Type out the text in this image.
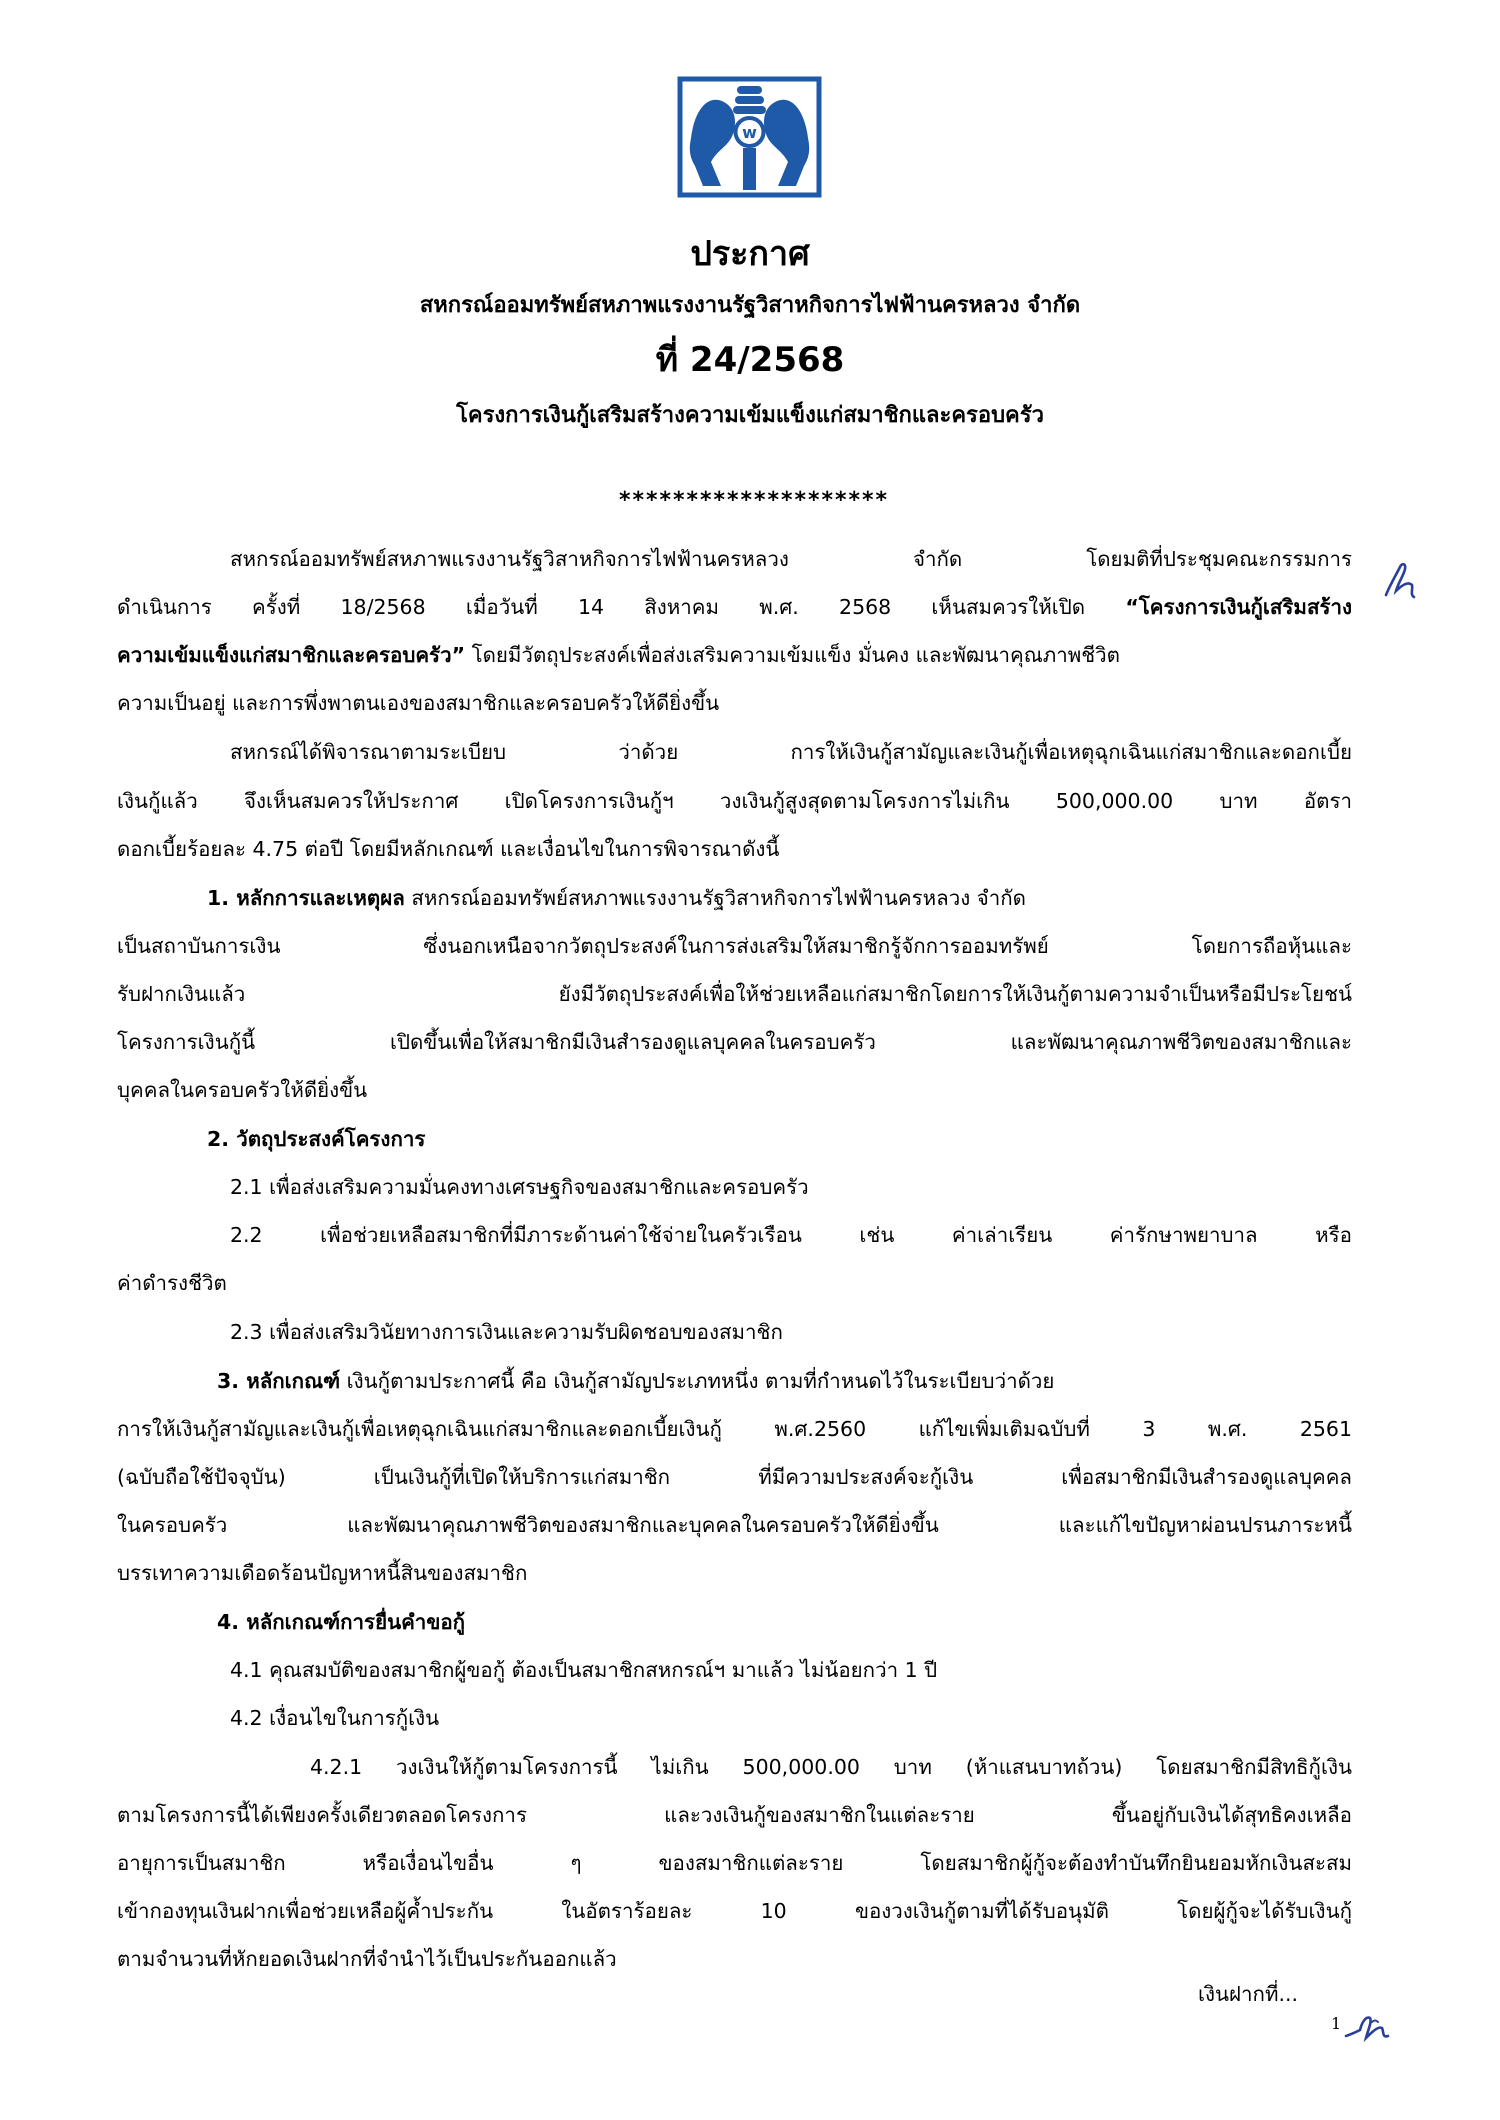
w
ประกาศ
สหกรณ์ออมทรัพย์สหภาพแรงงานรัฐวิสาหกิจการไฟฟ้านครหลวง จำกัด
ที่ 24/2568
โครงการเงินกู้เสริมสร้างความเข้มแข็งแก่สมาชิกและครอบครัว
********************
สหกรณ์ออมทรัพย์สหภาพแรงงานรัฐวิสาหกิจการไฟฟ้านครหลวง จำกัด โดยมติที่ประชุมคณะกรรมการ
ดำเนินการ ครั้งที่ 18/2568 เมื่อวันที่ 14 สิงหาคม พ.ศ. 2568 เห็นสมควรให้เปิด “โครงการเงินกู้เสริมสร้าง
ความเข้มแข็งแก่สมาชิกและครอบครัว” โดยมีวัตถุประสงค์เพื่อส่งเสริมความเข้มแข็ง มั่นคง และพัฒนาคุณภาพชีวิต
ความเป็นอยู่ และการพึ่งพาตนเองของสมาชิกและครอบครัวให้ดียิ่งขึ้น
สหกรณ์ได้พิจารณาตามระเบียบ ว่าด้วย การให้เงินกู้สามัญและเงินกู้เพื่อเหตุฉุกเฉินแก่สมาชิกและดอกเบี้ย
เงินกู้แล้ว จึงเห็นสมควรให้ประกาศ เปิดโครงการเงินกู้ฯ วงเงินกู้สูงสุดตามโครงการไม่เกิน 500,000.00 บาท อัตรา
ดอกเบี้ยร้อยละ 4.75 ต่อปี โดยมีหลักเกณฑ์ และเงื่อนไขในการพิจารณาดังนี้
1. หลักการและเหตุผล สหกรณ์ออมทรัพย์สหภาพแรงงานรัฐวิสาหกิจการไฟฟ้านครหลวง จำกัด
เป็นสถาบันการเงิน ซึ่งนอกเหนือจากวัตถุประสงค์ในการส่งเสริมให้สมาชิกรู้จักการออมทรัพย์ โดยการถือหุ้นและ
รับฝากเงินแล้ว ยังมีวัตถุประสงค์เพื่อให้ช่วยเหลือแก่สมาชิกโดยการให้เงินกู้ตามความจำเป็นหรือมีประโยชน์
โครงการเงินกู้นี้ เปิดขึ้นเพื่อให้สมาชิกมีเงินสำรองดูแลบุคคลในครอบครัว และพัฒนาคุณภาพชีวิตของสมาชิกและ
บุคคลในครอบครัวให้ดียิ่งขึ้น
2. วัตถุประสงค์โครงการ
2.1 เพื่อส่งเสริมความมั่นคงทางเศรษฐกิจของสมาชิกและครอบครัว
2.2 เพื่อช่วยเหลือสมาชิกที่มีภาระด้านค่าใช้จ่ายในครัวเรือน เช่น ค่าเล่าเรียน ค่ารักษาพยาบาล หรือ
ค่าดำรงชีวิต
2.3 เพื่อส่งเสริมวินัยทางการเงินและความรับผิดชอบของสมาชิก
3. หลักเกณฑ์ เงินกู้ตามประกาศนี้ คือ เงินกู้สามัญประเภทหนึ่ง ตามที่กำหนดไว้ในระเบียบว่าด้วย
การให้เงินกู้สามัญและเงินกู้เพื่อเหตุฉุกเฉินแก่สมาชิกและดอกเบี้ยเงินกู้ พ.ศ.2560 แก้ไขเพิ่มเติมฉบับที่ 3 พ.ศ. 2561
(ฉบับถือใช้ปัจจุบัน) เป็นเงินกู้ที่เปิดให้บริการแก่สมาชิก ที่มีความประสงค์จะกู้เงิน เพื่อสมาชิกมีเงินสำรองดูแลบุคคล
ในครอบครัว และพัฒนาคุณภาพชีวิตของสมาชิกและบุคคลในครอบครัวให้ดียิ่งขึ้น และแก้ไขปัญหาผ่อนปรนภาระหนี้
บรรเทาความเดือดร้อนปัญหาหนี้สินของสมาชิก
4. หลักเกณฑ์การยื่นคำขอกู้
4.1 คุณสมบัติของสมาชิกผู้ขอกู้ ต้องเป็นสมาชิกสหกรณ์ฯ มาแล้ว ไม่น้อยกว่า 1 ปี
4.2 เงื่อนไขในการกู้เงิน
4.2.1 วงเงินให้กู้ตามโครงการนี้ ไม่เกิน 500,000.00 บาท (ห้าแสนบาทถ้วน) โดยสมาชิกมีสิทธิกู้เงิน
ตามโครงการนี้ได้เพียงครั้งเดียวตลอดโครงการ และวงเงินกู้ของสมาชิกในแต่ละราย ขึ้นอยู่กับเงินได้สุทธิคงเหลือ
อายุการเป็นสมาชิก หรือเงื่อนไขอื่น ๆ ของสมาชิกแต่ละราย โดยสมาชิกผู้กู้จะต้องทำบันทึกยินยอมหักเงินสะสม
เข้ากองทุนเงินฝากเพื่อช่วยเหลือผู้ค้ำประกัน ในอัตราร้อยละ 10 ของวงเงินกู้ตามที่ได้รับอนุมัติ โดยผู้กู้จะได้รับเงินกู้
ตามจำนวนที่หักยอดเงินฝากที่จำนำไว้เป็นประกันออกแล้ว
เงินฝากที่...
1
